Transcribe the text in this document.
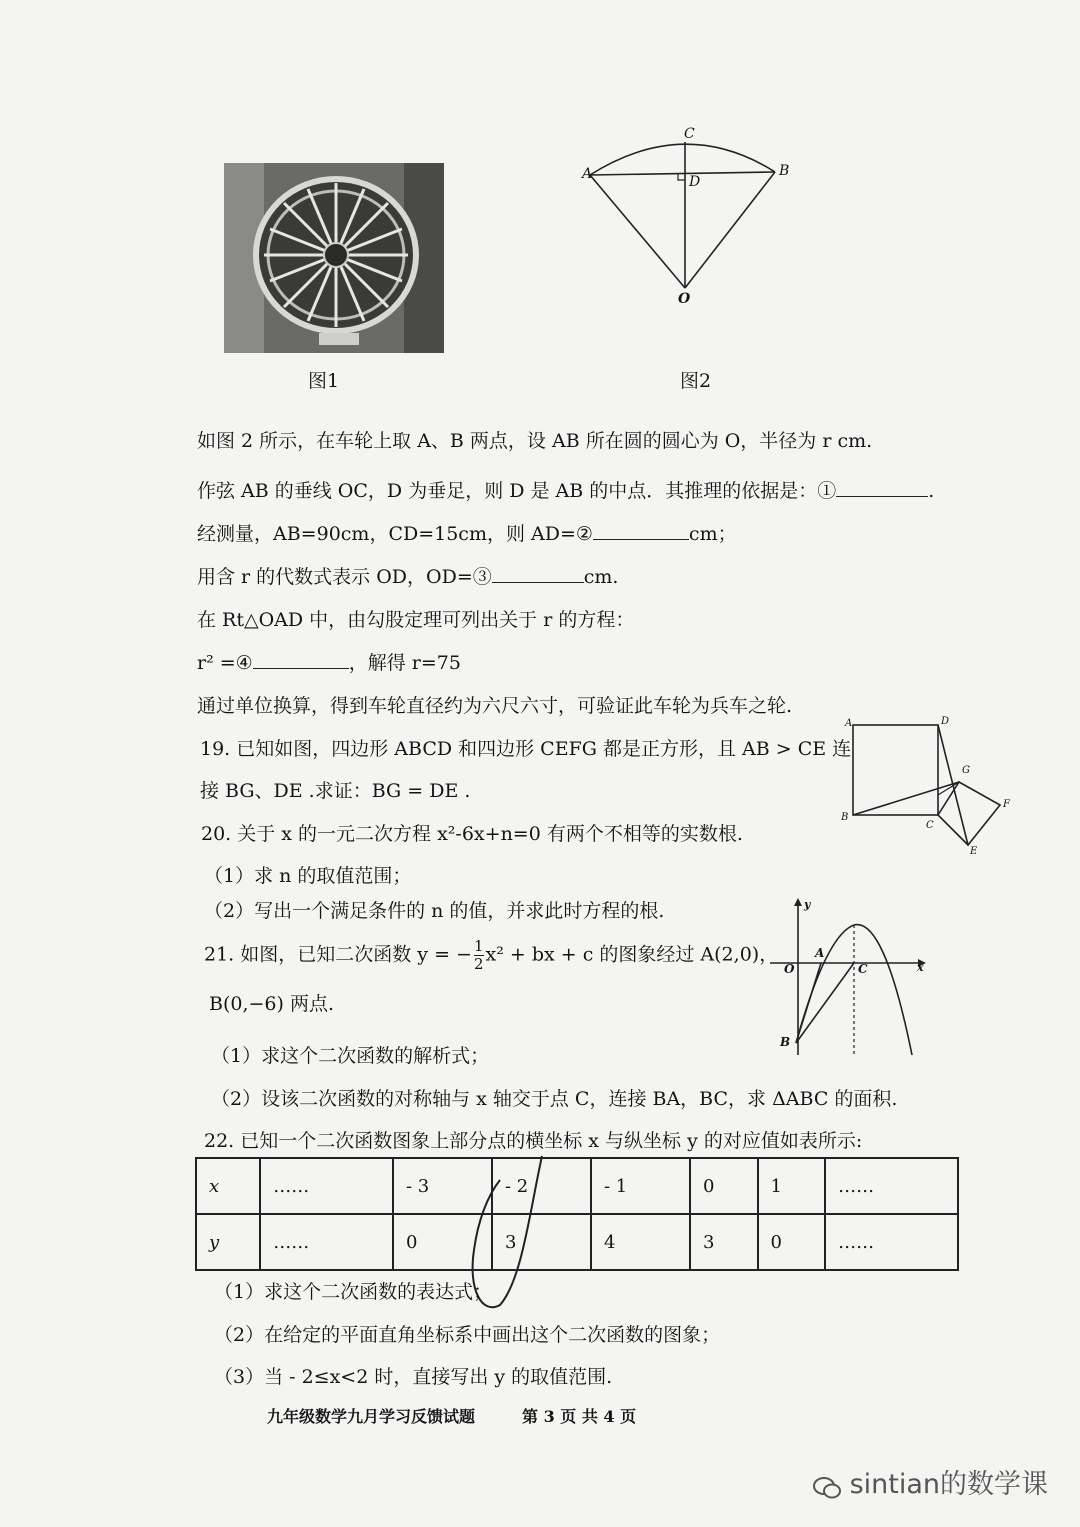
图1
C
A	B
D
O
图2
如图 2 所示，在车轮上取 A、B 两点，设 AB 所在圆的圆心为 O，半径为 r cm.
作弦 AB 的垂线 OC，D 为垂足，则 D 是 AB 的中点．其推理的依据是：①	.
经测量，AB=90cm，CD=15cm，则 AD=②	cm；
用含 r 的代数式表示 OD，OD=③	cm.
在 Rt△OAD 中，由勾股定理可列出关于 r 的方程：
r² =④	，解得 r=75
通过单位换算，得到车轮直径约为六尺六寸，可验证此车轮为兵车之轮.
19. 已知如图，四边形 ABCD 和四边形 CEFG 都是正方形，且 AB > CE 连
接 BG、DE .求证：BG = DE .
A	D
B
C
G
F
E
20. 关于 x 的一元二次方程 x²-6x+n=0 有两个不相等的实数根.
（1）求 n 的取值范围；
（2）写出一个满足条件的 n 的值，并求此时方程的根.
21. 如图，已知二次函数 y = − $\frac{1}{2} x^2$ + bx + c 的图象经过 A(2,0)，
B(0,−6) 两点.
（1）求这个二次函数的解析式；
（2）设该二次函数的对称轴与 x 轴交于点 C，连接 BA，BC，求 ΔABC 的面积.
y
x
O
A
C
B
22. 已知一个二次函数图象上部分点的横坐标 x 与纵坐标 y 的对应值如表所示:
x	……	- 3	- 2	- 1	0	1	……
y	……	0	3	4	3	0	……
（1）求这个二次函数的表达式；
（2）在给定的平面直角坐标系中画出这个二次函数的图象；
（3）当 - 2≤x<2 时，直接写出 y 的取值范围.
九年级数学九月学习反馈试题	第 3 页 共 4 页
sintian的数学课
